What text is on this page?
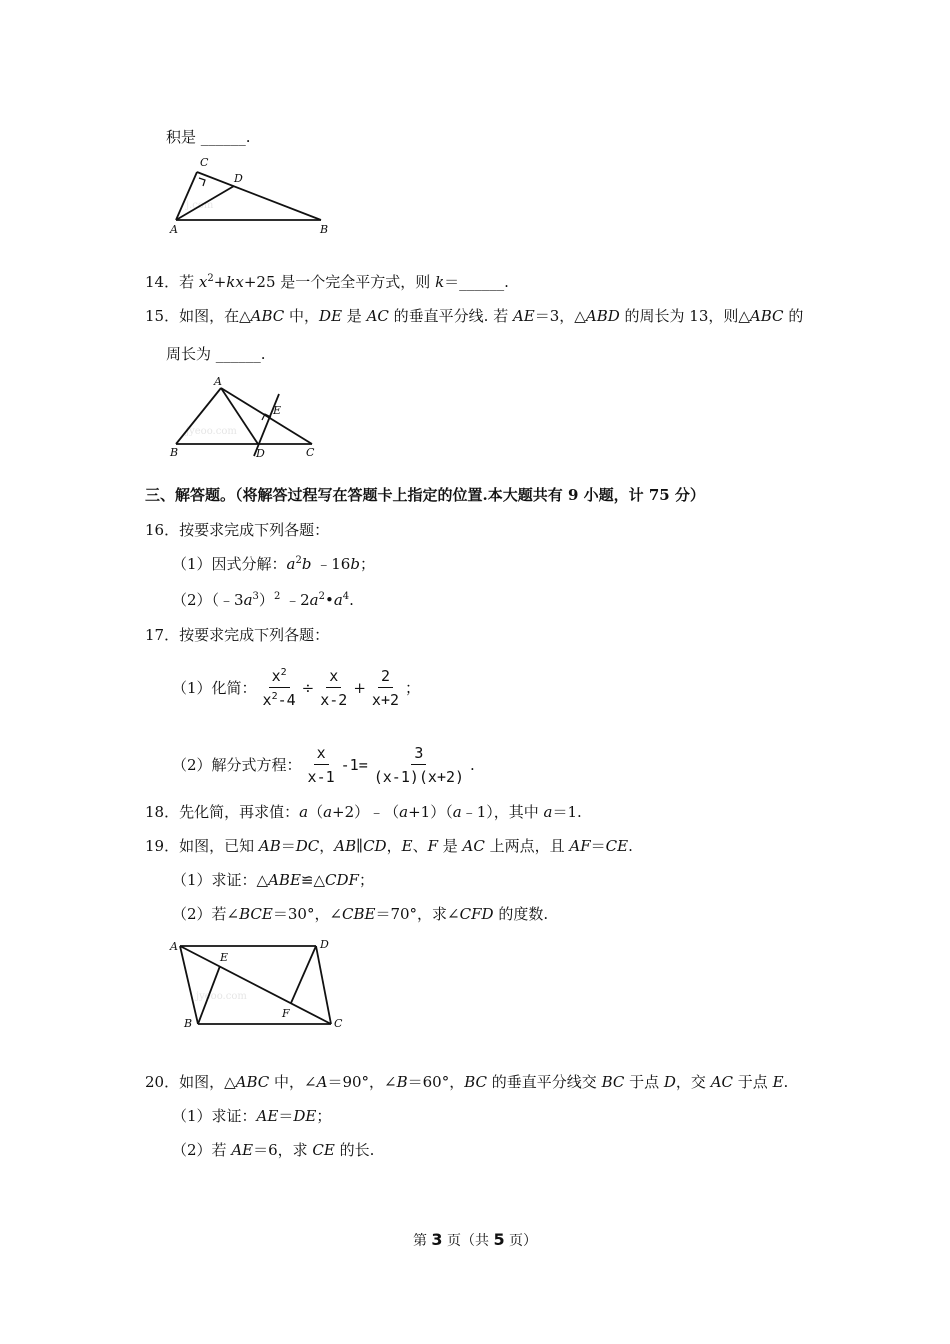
积是 ______.
j.com
C
D
A	B
14．若 $x^2+kx+25$ 是一个完全平方式，则 k＝______.
15．如图，在△ABC 中，DE 是 AC 的垂直平分线. 若 AE＝3，△ABD 的周长为 13，则△ABC 的
周长为 ______.
jyeoo.com
A
E
B	D	C
三、解答题。（将解答过程写在答题卡上指定的位置.本大题共有 9 小题，计 75 分）
16．按要求完成下列各题：
（1）因式分解：$a^2b$ ﹣16b；
$(2)(﹣3a^3)^2$ $﹣2a^2•a^4$.
17．按要求完成下列各题：
（1）化简： $\frac{x^2}{x^2-4} \div \frac{x}{x-2} + \frac{2}{x+2}$ ；
（2）解分式方程： $\frac{x}{x-1} -1= \frac{3}{(x-1)(x+2)}$ .
18．先化简，再求值：a（a+2）﹣（a+1）（a﹣1），其中 a＝1.
19．如图，已知 AB＝DC，AB∥CD，E、F 是 AC 上两点，且 AF＝CE.
（1）求证：△ABE≌△CDF；
（2）若∠BCE＝30°，∠CBE＝70°，求∠CFD 的度数.
jyeoo.com
A	D
E
F
B	C
20．如图，△ABC 中，∠A＝90°，∠B＝60°，BC 的垂直平分线交 BC 于点 D，交 AC 于点 E.
（1）求证：AE＝DE；
（2）若 AE＝6，求 CE 的长.
第 3 页（共 5 页）
